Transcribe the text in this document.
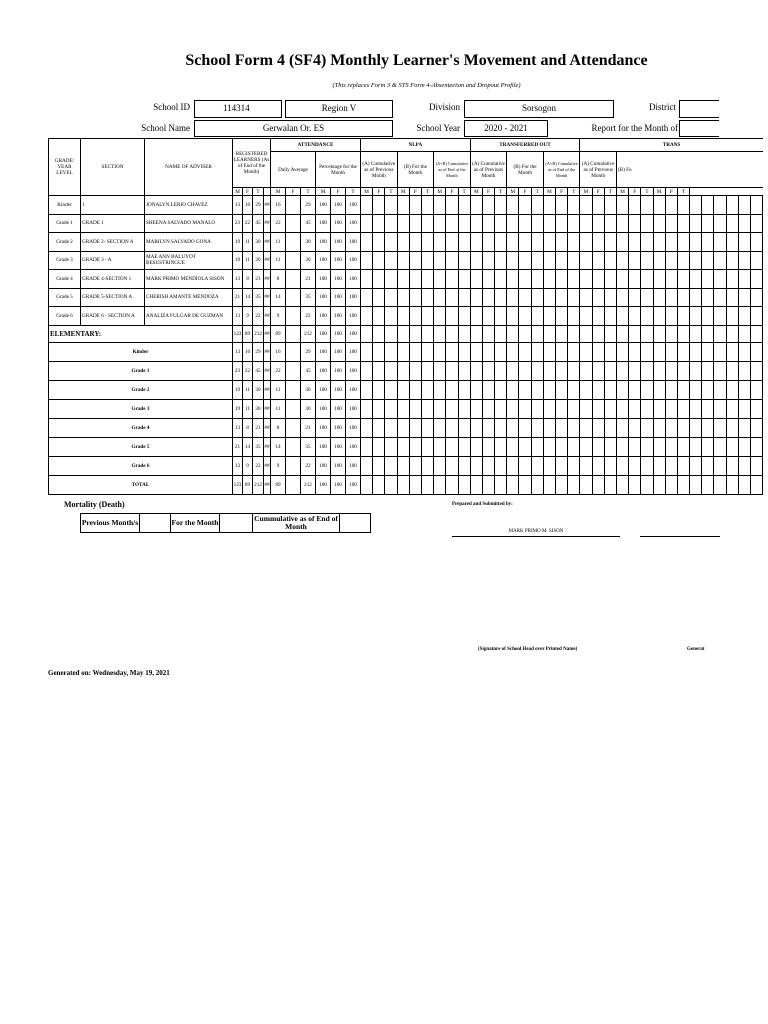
School Form 4 (SF4) Monthly Learner's Movement and Attendance
(This replaces Form 3 & STS Form 4-Absenteeism and Dropout Profile)
School ID	114314	Region V	Division	Sorsogon	District
School Name	Gerwalan Or. ES	School Year	2020 - 2021	Report for the Month of
GRADE/ YEAR LEVEL	SECTION	NAME OF ADVISER	REGISTERED LEARNERS (As of End of the Month)				ATTENDANCE						NLPA									TRANSFERRED OUT									TRANS														
							Daily Average			Percentage for the Month			(A) Cumulative as of Previous Month			(B) For the Month			(A+B) Cumulative as of End of the Month			(A) Cumulative as of Previous Month			(B) For the Month			(A+B) Cumulative as of End of the Month			(A) Cumulative as of Previous Month			(B) Fo											

			M	F	T		M	F	T	M	F	T	M	F	T	M	F	T	M	F	T	M	F	T	M	F	T	M	F	T	M	F	T	M	F	T	M	F	T						
Kinder	1	JONALYN LERIO CHAVEZ	13	16	29	##	16		29	100	100	100																																	
Grade 1	GRADE 1	SHEENA SALVADO MANALO	23	22	45	##	22		45	100	100	100																																	
Grade 2	GRADE 2- SECTION A	MARILYN SALVADO GONA	19	11	30	##	11		30	100	100	100																																	
Grade 3	GRADE 3 - A	MAE ANN BALUYOT BESUSTRINGUE	19	11	30	##	11		30	100	100	100																																	
Grade 4	GRADE 4-SECTION 1	MARK PRIMO MENDIOLA SISON	13	8	21	##	8		21	100	100	100																																	
Grade 5	GRADE 5-SECTION A	CHERISH AMANTE MENDOZA	21	14	35	##	14		35	100	100	100																																	
Grade 6	GRADE 6 - SECTION A	ANALIZA FULGAR DE GUZMAN	13	9	22	##	9		22	100	100	100																																	
ELEMENTARY:			123	89	212	##	89		212	100	100	100																																	
Kinder			13	16	29	##	16		29	100	100	100																																	
Grade 1			23	22	45	##	22		45	100	100	100																																	
Grade 2			19	11	30	##	11		30	100	100	100																																	
Grade 3			19	11	30	##	11		30	100	100	100																																	
Grade 4			13	8	21	##	8		21	100	100	100																																	
Grade 5			21	14	35	##	14		35	100	100	100																																	
Grade 6			13	9	22	##	9		22	100	100	100																																	
TOTAL			123	89	212	##	89		212	100	100	100																																	
Mortality (Death)
Previous Month/s		For the Month		Cummulative as of End of Month	
Prepared and Submitted by:
MARK PRIMO M. SISON
(Signature of School Head over Printed Name)	Generat
Generated on: Wednesday, May 19, 2021
